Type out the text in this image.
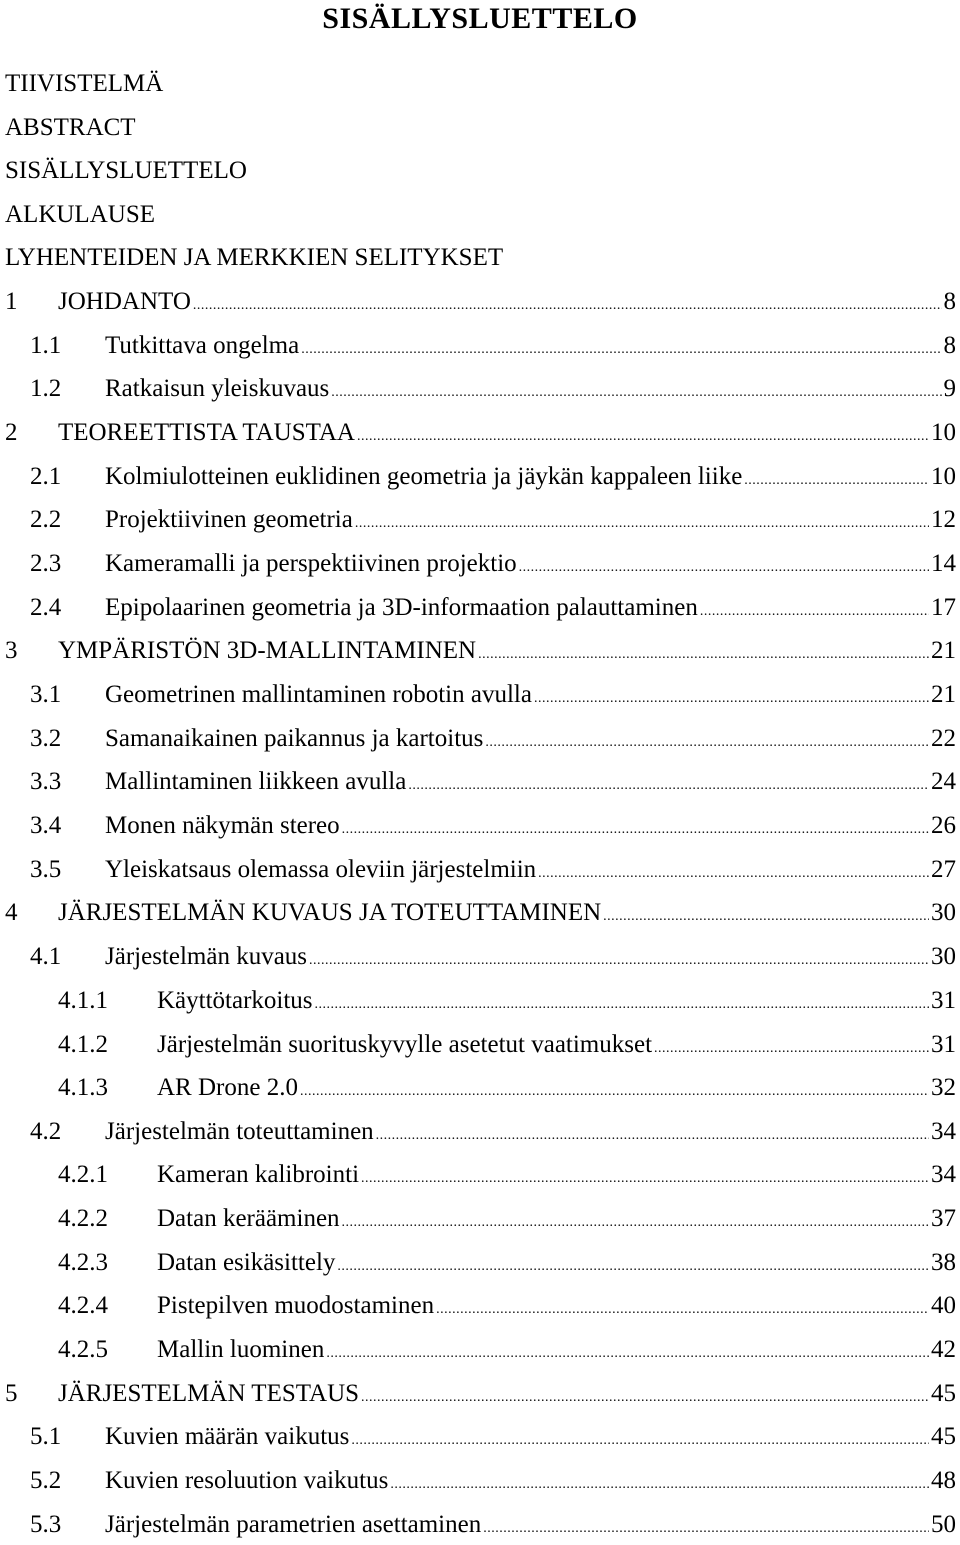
SISÄLLYSLUETTELO
TIIVISTELMÄ
ABSTRACT
SISÄLLYSLUETTELO
ALKULAUSE
LYHENTEIDEN JA MERKKIEN SELITYKSET
1 JOHDANTO .....	8
1.1 Tutkittava ongelma .....	8
1.2 Ratkaisun yleiskuvaus .....	9
2 TEOREETTISTA TAUSTAA .....	10
2.1 Kolmiulotteinen euklidinen geometria ja jäykän kappaleen liike .....	10
2.2 Projektiivinen geometria .....	12
2.3 Kameramalli ja perspektiivinen projektio .....	14
2.4 Epipolaarinen geometria ja 3D-informaation palauttaminen .....	17
3 YMPÄRISTÖN 3D-MALLINTAMINEN .....	21
3.1 Geometrinen mallintaminen robotin avulla .....	21
3.2 Samanaikainen paikannus ja kartoitus .....	22
3.3 Mallintaminen liikkeen avulla .....	24
3.4 Monen näkymän stereo .....	26
3.5 Yleiskatsaus olemassa oleviin järjestelmiin .....	27
4 JÄRJESTELMÄN KUVAUS JA TOTEUTTAMINEN .....	30
4.1 Järjestelmän kuvaus .....	30
4.1.1 Käyttötarkoitus .....	31
4.1.2 Järjestelmän suorituskyvylle asetetut vaatimukset .....	31
4.1.3 AR Drone 2.0 .....	32
4.2 Järjestelmän toteuttaminen .....	34
4.2.1 Kameran kalibrointi .....	34
4.2.2 Datan kerääminen .....	37
4.2.3 Datan esikäsittely .....	38
4.2.4 Pistepilven muodostaminen .....	40
4.2.5 Mallin luominen .....	42
5 JÄRJESTELMÄN TESTAUS .....	45
5.1 Kuvien määrän vaikutus .....	45
5.2 Kuvien resoluution vaikutus .....	48
5.3 Järjestelmän parametrien asettaminen .....	50
